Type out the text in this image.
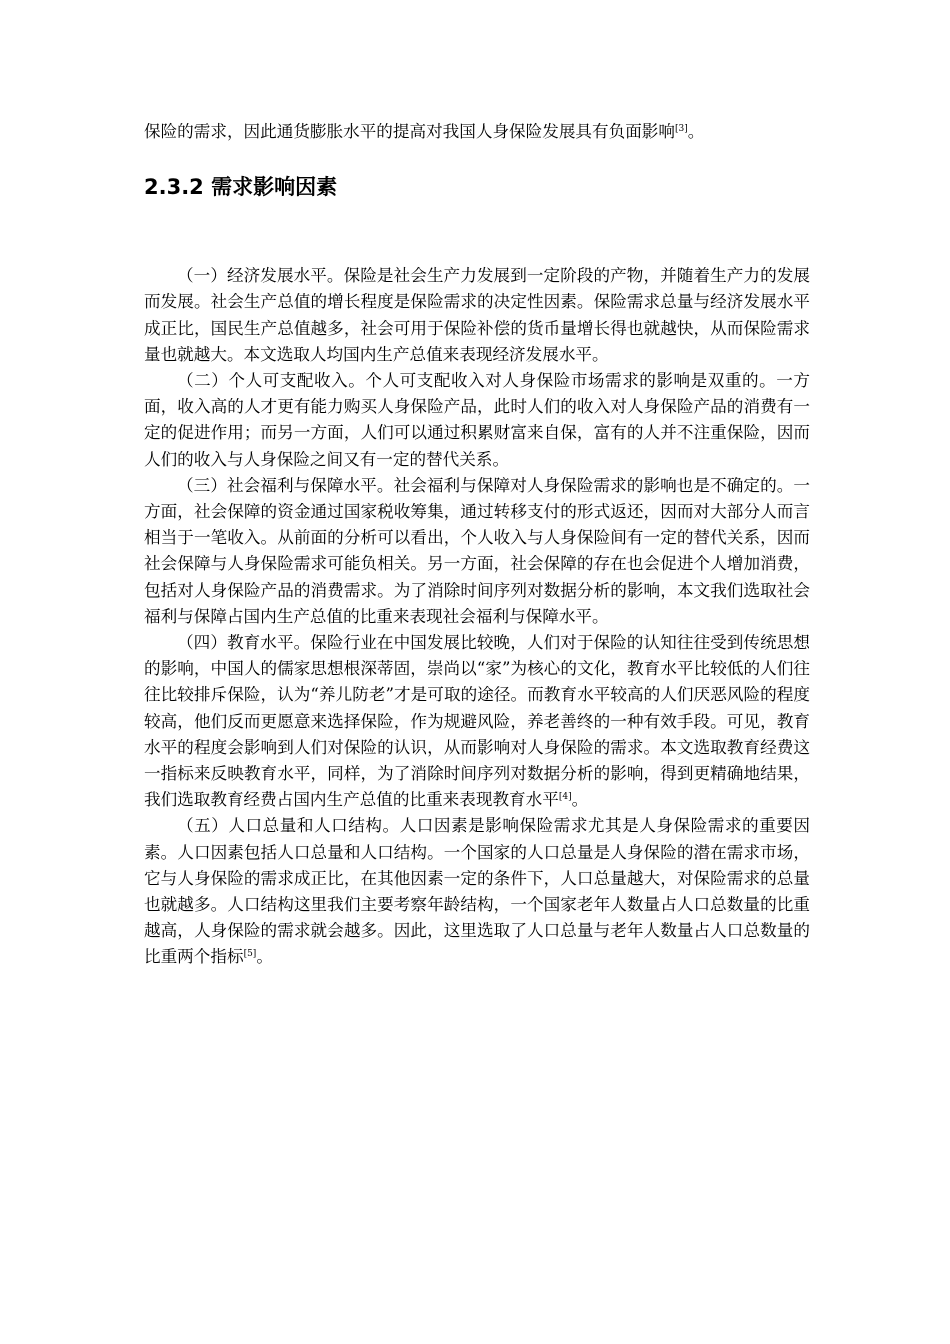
保险的需求，因此通货膨胀水平的提高对我国人身保险发展具有负面影响[3]。

2.3.2 需求影响因素

（一）经济发展水平。保险是社会生产力发展到一定阶段的产物，并随着生产力的发展而发展。社会生产总值的增长程度是保险需求的决定性因素。保险需求总量与经济发展水平成正比，国民生产总值越多，社会可用于保险补偿的货币量增长得也就越快，从而保险需求量也就越大。本文选取人均国内生产总值来表现经济发展水平。

（二）个人可支配收入。个人可支配收入对人身保险市场需求的影响是双重的。一方面，收入高的人才更有能力购买人身保险产品，此时人们的收入对人身保险产品的消费有一定的促进作用；而另一方面，人们可以通过积累财富来自保，富有的人并不注重保险，因而人们的收入与人身保险之间又有一定的替代关系。

（三）社会福利与保障水平。社会福利与保障对人身保险需求的影响也是不确定的。一方面，社会保障的资金通过国家税收筹集，通过转移支付的形式返还，因而对大部分人而言相当于一笔收入。从前面的分析可以看出，个人收入与人身保险间有一定的替代关系，因而社会保障与人身保险需求可能负相关。另一方面，社会保障的存在也会促进个人增加消费，包括对人身保险产品的消费需求。为了消除时间序列对数据分析的影响，本文我们选取社会福利与保障占国内生产总值的比重来表现社会福利与保障水平。

（四）教育水平。保险行业在中国发展比较晚，人们对于保险的认知往往受到传统思想的影响，中国人的儒家思想根深蒂固，崇尚以“家”为核心的文化，教育水平比较低的人们往往比较排斥保险，认为“养儿防老”才是可取的途径。而教育水平较高的人们厌恶风险的程度较高，他们反而更愿意来选择保险，作为规避风险，养老善终的一种有效手段。可见，教育水平的程度会影响到人们对保险的认识，从而影响对人身保险的需求。本文选取教育经费这一指标来反映教育水平，同样，为了消除时间序列对数据分析的影响，得到更精确地结果，我们选取教育经费占国内生产总值的比重来表现教育水平[4]。

（五）人口总量和人口结构。人口因素是影响保险需求尤其是人身保险需求的重要因素。人口因素包括人口总量和人口结构。一个国家的人口总量是人身保险的潜在需求市场，它与人身保险的需求成正比，在其他因素一定的条件下，人口总量越大，对保险需求的总量也就越多。人口结构这里我们主要考察年龄结构，一个国家老年人数量占人口总数量的比重越高，人身保险的需求就会越多。因此，这里选取了人口总量与老年人数量占人口总数量的比重两个指标[5]。
